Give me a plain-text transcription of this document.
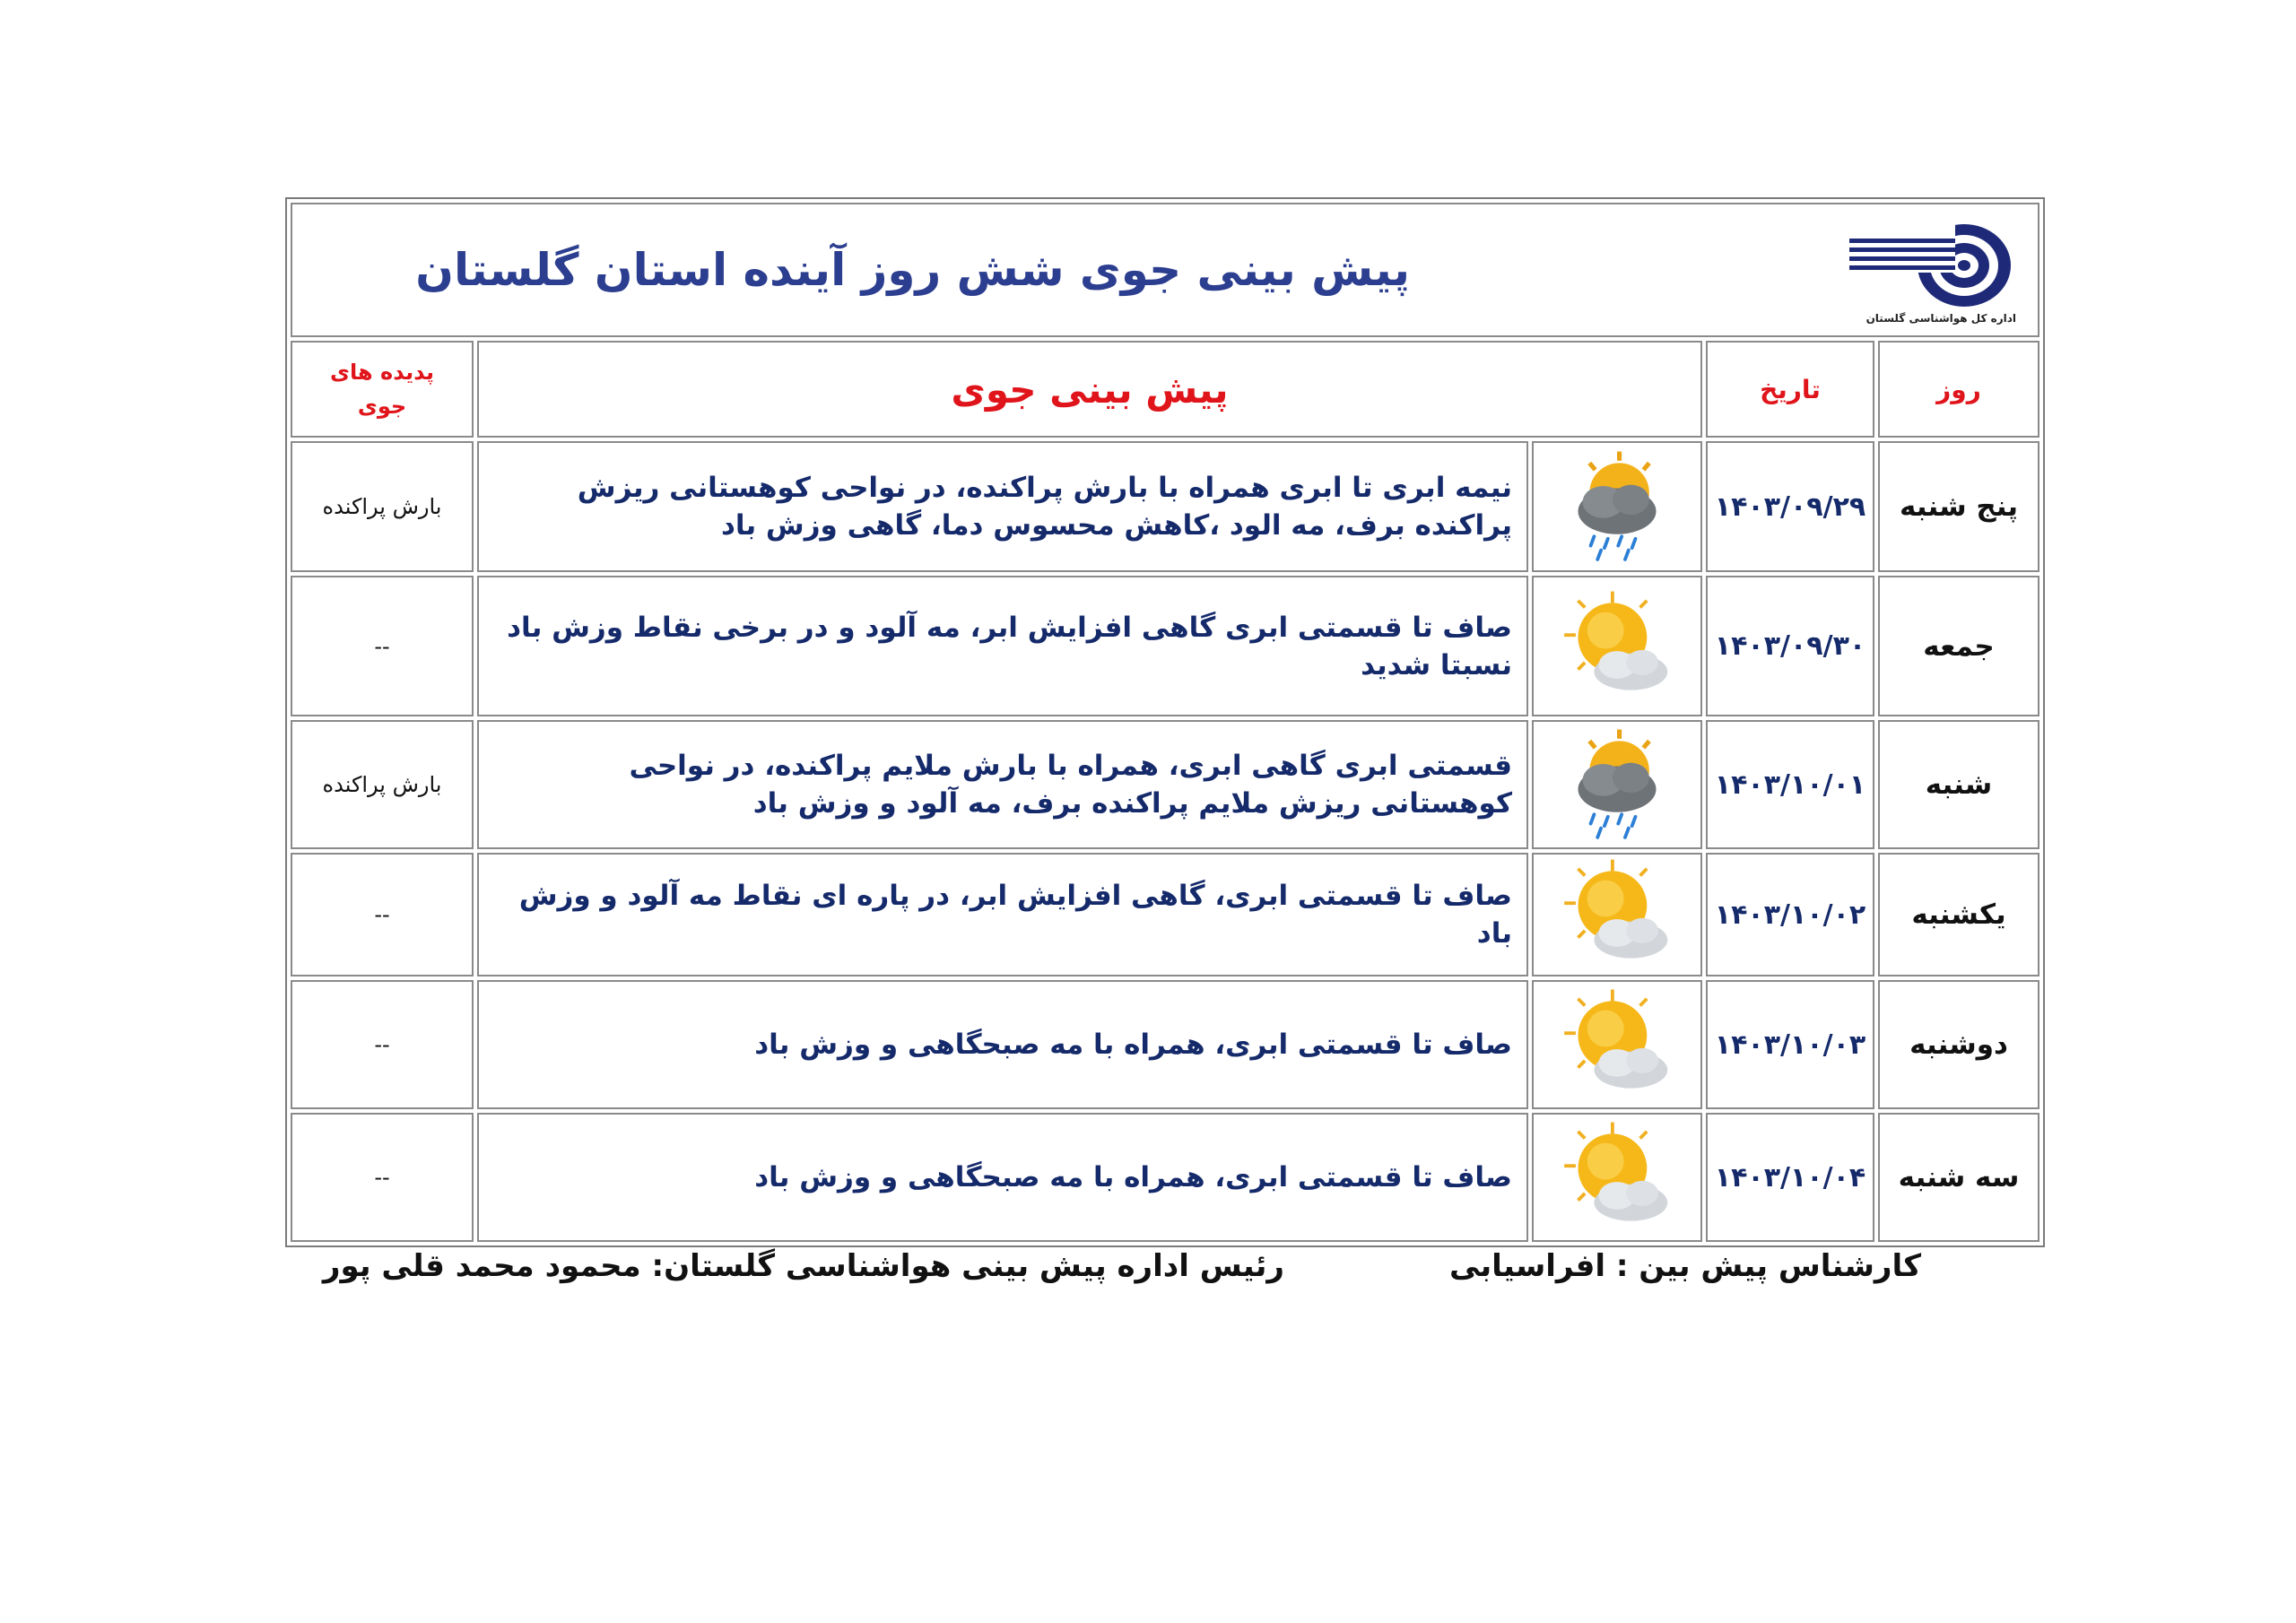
اداره کل هواشناسی گلستان
پیش بینی جوی شش روز آینده استان گلستان				

روز	تاریخ	پیش بینی جوی		پدیده های
جوی

پنج شنبه	۱۴۰۳/۰۹/۲۹		نیمه ابری تا ابری همراه با بارش پراکنده، در نواحی کوهستانی ریزش پراکنده برف، مه الود ،کاهش محسوس دما، گاهی وزش باد	بارش پراکنده
جمعه	۱۴۰۳/۰۹/۳۰		صاف تا قسمتی ابری گاهی افزایش ابر، مه آلود و در برخی نقاط وزش باد نسبتا شدید	--
شنبه	۱۴۰۳/۱۰/۰۱		قسمتی ابری گاهی ابری، همراه با بارش ملایم پراکنده، در نواحی کوهستانی ریزش ملایم پراکنده برف، مه آلود و وزش باد	بارش پراکنده
یکشنبه	۱۴۰۳/۱۰/۰۲		صاف تا قسمتی ابری، گاهی افزایش ابر، در پاره ای نقاط مه آلود و وزش باد	--
دوشنبه	۱۴۰۳/۱۰/۰۳		صاف تا قسمتی ابری، همراه با مه صبحگاهی و وزش باد	--
سه شنبه	۱۴۰۳/۱۰/۰۴		صاف تا قسمتی ابری، همراه با مه صبحگاهی و وزش باد	--
کارشناس پیش بین : افراسیابی
رئیس اداره پیش بینی هواشناسی گلستان: محمود محمد قلی پور
